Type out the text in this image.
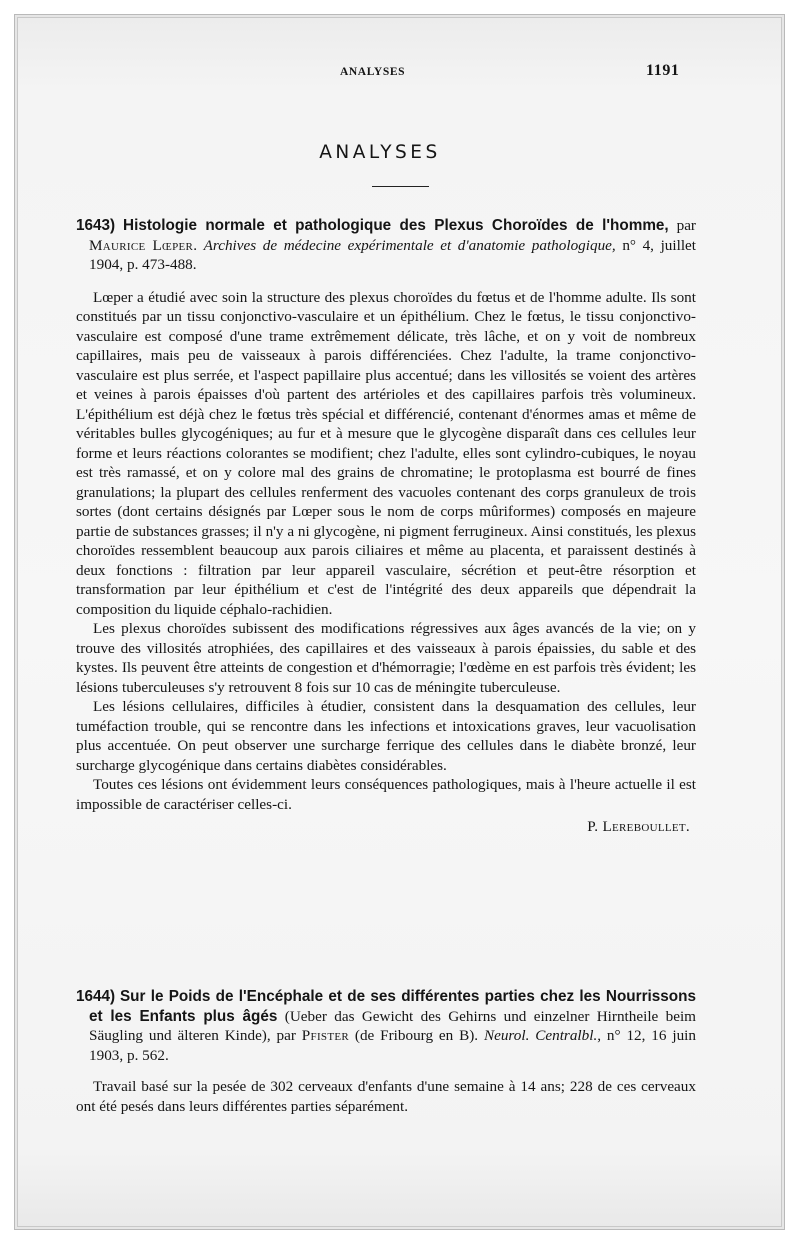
ANALYSES	1191
ANALYSES

1643) Histologie normale et pathologique des Plexus Choroïdes de l'homme, par Maurice Lœper. Archives de médecine expérimentale et d'anatomie pathologique, n° 4, juillet 1904, p. 473-488.

Lœper a étudié avec soin la structure des plexus choroïdes du fœtus et de l'homme adulte. Ils sont constitués par un tissu conjonctivo-vasculaire et un épithélium. Chez le fœtus, le tissu conjonctivo-vasculaire est composé d'une trame extrêmement délicate, très lâche, et on y voit de nombreux capillaires, mais peu de vaisseaux à parois différenciées. Chez l'adulte, la trame conjonctivo-vasculaire est plus serrée, et l'aspect papillaire plus accentué; dans les villosités se voient des artères et veines à parois épaisses d'où partent des artérioles et des capillaires parfois très volumineux. L'épithélium est déjà chez le fœtus très spécial et différencié, contenant d'énormes amas et même de véritables bulles glycogéniques; au fur et à mesure que le glycogène disparaît dans ces cellules leur forme et leurs réactions colorantes se modifient; chez l'adulte, elles sont cylindro-cubiques, le noyau est très ramassé, et on y colore mal des grains de chromatine; le protoplasma est bourré de fines granulations; la plupart des cellules renferment des vacuoles contenant des corps granuleux de trois sortes (dont certains désignés par Lœper sous le nom de corps mûriformes) composés en majeure partie de substances grasses; il n'y a ni glycogène, ni pigment ferrugineux. Ainsi constitués, les plexus choroïdes ressemblent beaucoup aux parois ciliaires et même au placenta, et paraissent destinés à deux fonctions : filtration par leur appareil vasculaire, sécrétion et peut-être résorption et transformation par leur épithélium et c'est de l'intégrité des deux appareils que dépendrait la composition du liquide céphalo-rachidien.

Les plexus choroïdes subissent des modifications régressives aux âges avancés de la vie; on y trouve des villosités atrophiées, des capillaires et des vaisseaux à parois épaissies, du sable et des kystes. Ils peuvent être atteints de congestion et d'hémorragie; l'œdème en est parfois très évident; les lésions tuberculeuses s'y retrouvent 8 fois sur 10 cas de méningite tuberculeuse.

Les lésions cellulaires, difficiles à étudier, consistent dans la desquamation des cellules, leur tuméfaction trouble, qui se rencontre dans les infections et intoxications graves, leur vacuolisation plus accentuée. On peut observer une surcharge ferrique des cellules dans le diabète bronzé, leur surcharge glycogénique dans certains diabètes considérables.

Toutes ces lésions ont évidemment leurs conséquences pathologiques, mais à l'heure actuelle il est impossible de caractériser celles-ci.

P. Lereboullet.

1644) Sur le Poids de l'Encéphale et de ses différentes parties chez les Nourrissons et les Enfants plus âgés (Ueber das Gewicht des Gehirns und einzelner Hirntheile beim Säugling und älteren Kinde), par Pfister (de Fribourg en B). Neurol. Centralbl., n° 12, 16 juin 1903, p. 562.

Travail basé sur la pesée de 302 cerveaux d'enfants d'une semaine à 14 ans; 228 de ces cerveaux ont été pesés dans leurs différentes parties séparément.
